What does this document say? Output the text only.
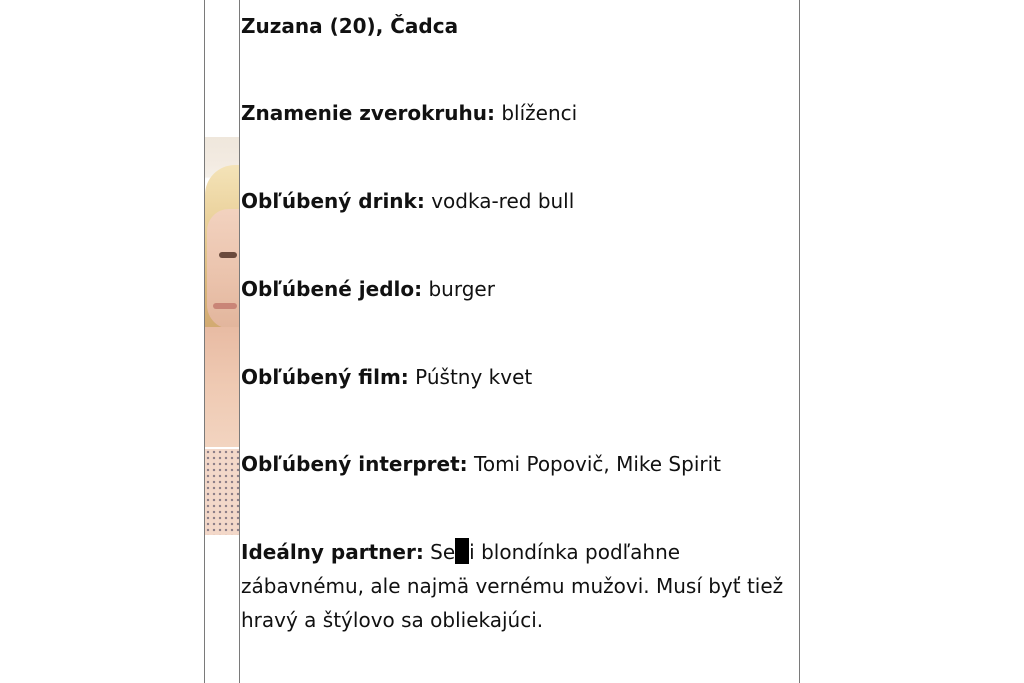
Zuzana (20), Čadca
Znamenie zverokruhu: blíženci
Obľúbený drink: vodka-red bull
Obľúbené jedlo: burger
Obľúbený film: Púštny kvet
Obľúbený interpret: Tomi Popovič, Mike Spirit
Ideálny partner: Se i blondínka podľahne zábavnému, ale najmä vernému mužovi. Musí byť tiež hravý a štýlovo sa obliekajúci.
